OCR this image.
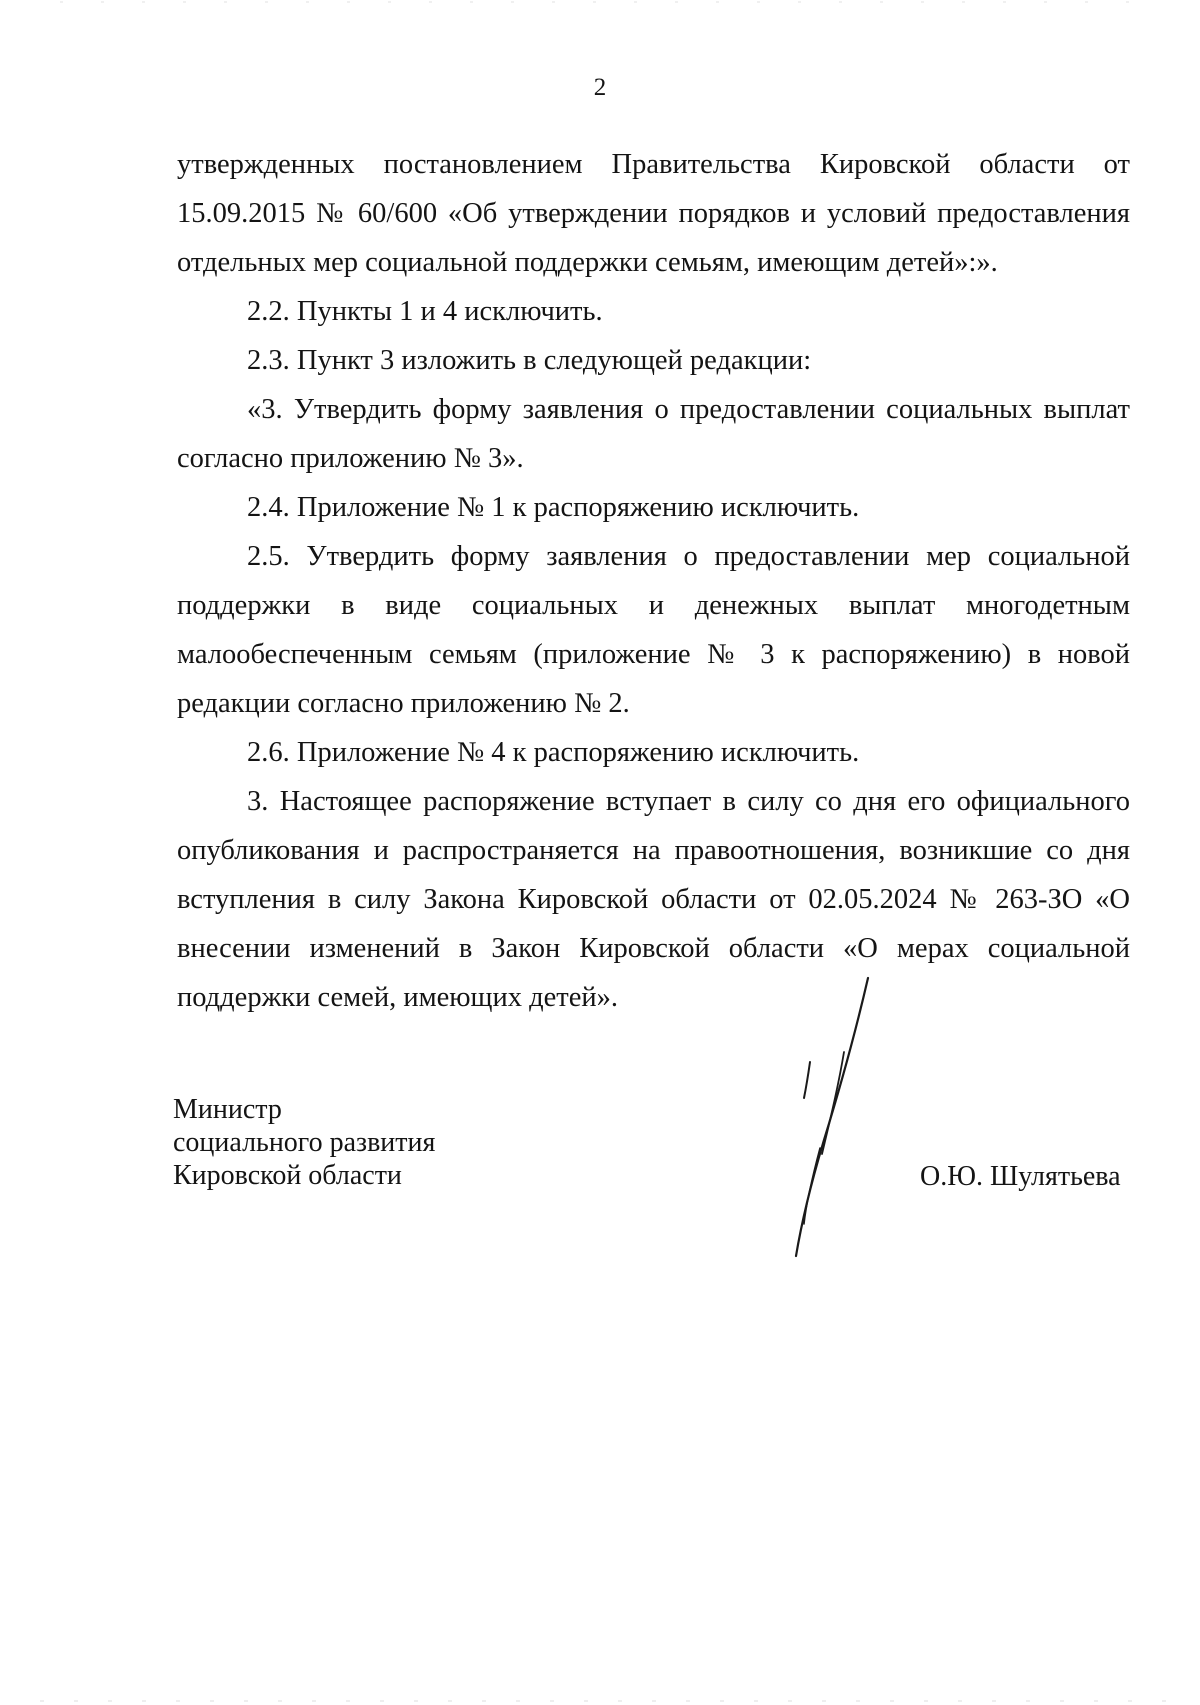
2

утвержденных постановлением Правительства Кировской области от 15.09.2015 № 60/600 «Об утверждении порядков и условий предоставления отдельных мер социальной поддержки семьям, имеющим детей»:».

2.2. Пункты 1 и 4 исключить.

2.3. Пункт 3 изложить в следующей редакции:

«3. Утвердить форму заявления о предоставлении социальных выплат согласно приложению № 3».

2.4. Приложение № 1 к распоряжению исключить.

2.5. Утвердить форму заявления о предоставлении мер социальной поддержки в виде социальных и денежных выплат многодетным малообеспеченным семьям (приложение № 3 к распоряжению) в новой редакции согласно приложению № 2.

2.6. Приложение № 4 к распоряжению исключить.

3. Настоящее распоряжение вступает в силу со дня его официального опубликования и распространяется на правоотношения, возникшие со дня вступления в силу Закона Кировской области от 02.05.2024 № 263-ЗО «О внесении изменений в Закон Кировской области «О мерах социальной поддержки семей, имеющих детей».

Министр
социального развития
Кировской области	О.Ю. Шулятьева
